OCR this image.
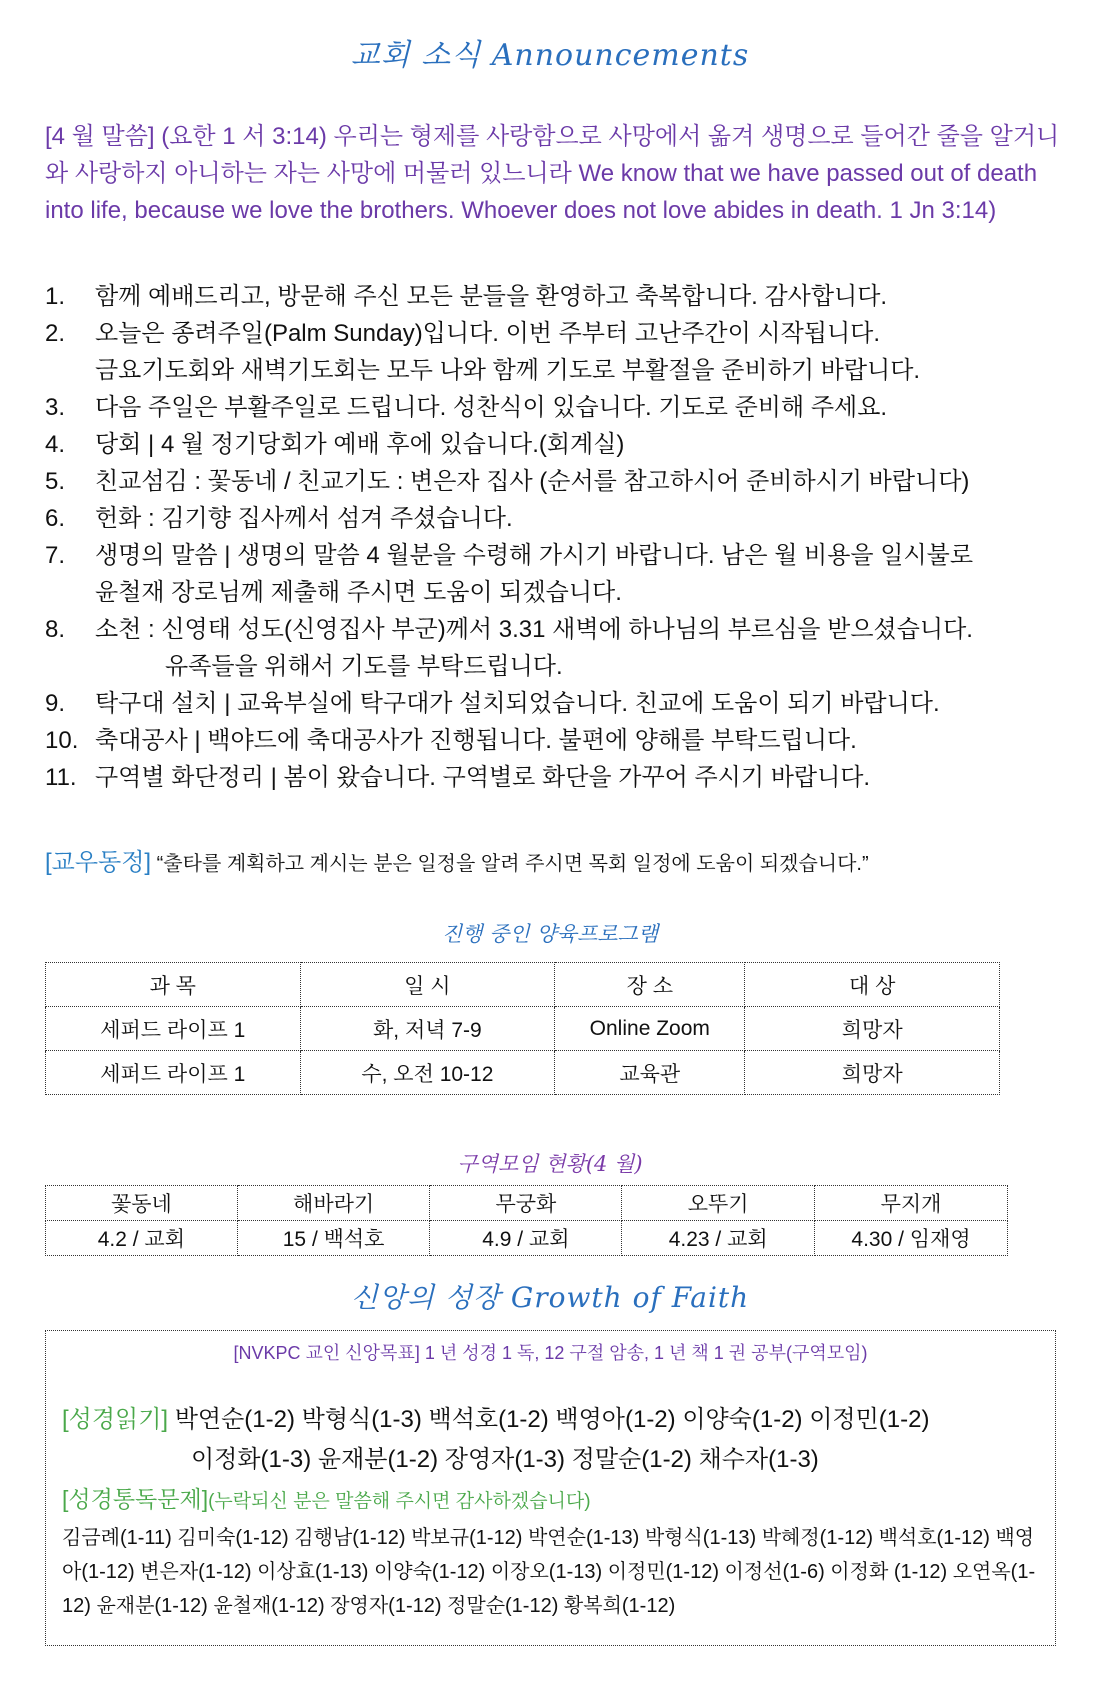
교회 소식 Announcements
[4 월 말씀] (요한 1 서 3:14) 우리는 형제를 사랑함으로 사망에서 옮겨 생명으로 들어간 줄을 알거니와 사랑하지 아니하는 자는 사망에 머물러 있느니라 We know that we have passed out of death into life, because we love the brothers. Whoever does not love abides in death. 1 Jn 3:14)
1.	함께 예배드리고, 방문해 주신 모든 분들을 환영하고 축복합니다. 감사합니다.
2.	오늘은 종려주일(Palm Sunday)입니다. 이번 주부터 고난주간이 시작됩니다.
금요기도회와 새벽기도회는 모두 나와 함께 기도로 부활절을 준비하기 바랍니다.
3.	다음 주일은 부활주일로 드립니다. 성찬식이 있습니다. 기도로 준비해 주세요.
4.	당회 | 4 월 정기당회가 예배 후에 있습니다.(회계실)
5.	친교섬김 : 꽃동네 / 친교기도 : 변은자 집사 (순서를 참고하시어 준비하시기 바랍니다)
6.	헌화 : 김기향 집사께서 섬겨 주셨습니다.
7.	생명의 말씀 | 생명의 말씀 4 월분을 수령해 가시기 바랍니다. 남은 월 비용을 일시불로
윤철재 장로님께 제출해 주시면 도움이 되겠습니다.
8.	소천 : 신영태 성도(신영집사 부군)께서 3.31 새벽에 하나님의 부르심을 받으셨습니다.
유족들을 위해서 기도를 부탁드립니다.
9.	탁구대 설치 | 교육부실에 탁구대가 설치되었습니다. 친교에 도움이 되기 바랍니다.
10. 축대공사 | 백야드에 축대공사가 진행됩니다. 불편에 양해를 부탁드립니다.
11. 구역별 화단정리 | 봄이 왔습니다. 구역별로 화단을 가꾸어 주시기 바랍니다.
[교우동정] “출타를 계획하고 계시는 분은 일정을 알려 주시면 목회 일정에 도움이 되겠습니다.”
진행 중인 양육프로그램
과 목	일 시	장 소	대 상
세퍼드 라이프 1	화, 저녁 7-9	Online Zoom	희망자
세퍼드 라이프 1	수, 오전 10-12	교육관	희망자
구역모임 현황(4 월)
꽃동네	해바라기	무궁화	오뚜기	무지개
4.2 / 교회	15 / 백석호	4.9 / 교회	4.23 / 교회	4.30 / 임재영
신앙의 성장 Growth of Faith
[NVKPC 교인 신앙목표] 1 년 성경 1 독, 12 구절 암송, 1 년 책 1 권 공부(구역모임)
[성경읽기] 박연순(1-2) 박형식(1-3) 백석호(1-2) 백영아(1-2) 이양숙(1-2) 이정민(1-2)
이정화(1-3) 윤재분(1-2) 장영자(1-3) 정말순(1-2) 채수자(1-3)
[성경통독문제](누락되신 분은 말씀해 주시면 감사하겠습니다)
김금례(1-11) 김미숙(1-12) 김행남(1-12) 박보규(1-12) 박연순(1-13) 박형식(1-13) 박혜정(1-12) 백석호(1-12) 백영아(1-12) 변은자(1-12) 이상효(1-13) 이양숙(1-12) 이장오(1-13) 이정민(1-12) 이정선(1-6) 이정화 (1-12) 오연옥(1-12) 윤재분(1-12) 윤철재(1-12) 장영자(1-12) 정말순(1-12) 황복희(1-12)
